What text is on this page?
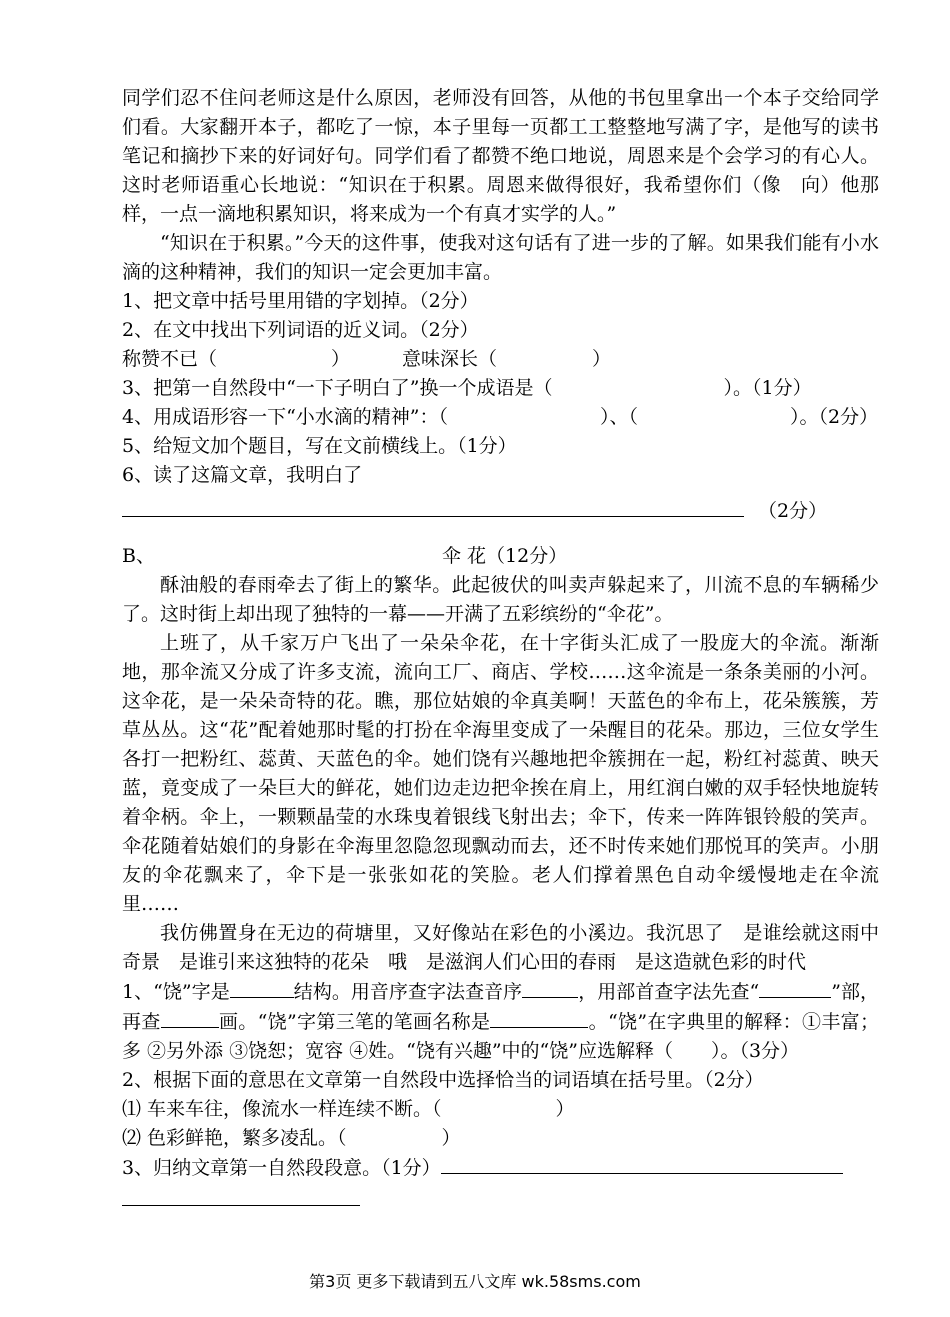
同学们忍不住问老师这是什么原因，老师没有回答，从他的书包里拿出一个本子交给同学们看。大家翻开本子，都吃了一惊，本子里每一页都工工整整地写满了字，是他写的读书笔记和摘抄下来的好词好句。同学们看了都赞不绝口地说，周恩来是个会学习的有心人。这时老师语重心长地说：“知识在于积累。周恩来做得很好，我希望你们（像　向）他那样，一点一滴地积累知识，将来成为一个有真才实学的人。”

“知识在于积累。”今天的这件事，使我对这句话有了进一步的了解。如果我们能有小水滴的这种精神，我们的知识一定会更加丰富。

1、把文章中括号里用错的字划掉。（2分）

2、在文中找出下列词语的近义词。（2分）

称赞不已 （　　　　　　）	意味深长 （　　　　　）

3、把第一自然段中“一下子明白了”换一个成语是（　　　　　　　　　）。（1分）

4、用成语形容一下“小水滴的精神”：（　　　　　　　　）、（　　　　　　　　）。（2分）

5、给短文加个题目，写在文前横线上。（1分）

6、读了这篇文章，我明白了

（2分）
B、	伞 花（12分）

酥油般的春雨牵去了街上的繁华。此起彼伏的叫卖声躲起来了，川流不息的车辆稀少了。这时街上却出现了独特的一幕——开满了五彩缤纷的“伞花”。

上班了，从千家万户飞出了一朵朵伞花，在十字街头汇成了一股庞大的伞流。渐渐地，那伞流又分成了许多支流，流向工厂、商店、学校……这伞流是一条条美丽的小河。这伞花，是一朵朵奇特的花。瞧，那位姑娘的伞真美啊！天蓝色的伞布上，花朵簇簇，芳草丛丛。这“花”配着她那时髦的打扮在伞海里变成了一朵醒目的花朵。那边，三位女学生各打一把粉红、蕊黄、天蓝色的伞。她们饶有兴趣地把伞簇拥在一起，粉红衬蕊黄、映天蓝，竟变成了一朵巨大的鲜花，她们边走边把伞挨在肩上，用红润白嫩的双手轻快地旋转着伞柄。伞上，一颗颗晶莹的水珠曳着银线飞射出去；伞下，传来一阵阵银铃般的笑声。伞花随着姑娘们的身影在伞海里忽隐忽现飘动而去，还不时传来她们那悦耳的笑声。小朋友的伞花飘来了，伞下是一张张如花的笑脸。老人们撑着黑色自动伞缓慢地走在伞流里……

我仿佛置身在无边的荷塘里，又好像站在彩色的小溪边。我沉思了　是谁绘就这雨中奇景　是谁引来这独特的花朵　哦　是滋润人们心田的春雨　是这造就色彩的时代

1、“饶”字是	结构。用音序查字法查音序	，用部首查字法先查“	”部，再查	画。“饶”字第三笔的笔画名称是	。“饶”在字典里的解释：①丰富；多 ②另外添 ③饶恕；宽容 ④姓。“饶有兴趣”中的“饶”应选解释（　　）。（3分）

2、根据下面的意思在文章第一自然段中选择恰当的词语填在括号里。（2分）

⑴ 车来车往，像流水一样连续不断。（　　　　　　）

⑵ 色彩鲜艳，繁多凌乱。（　　　　　）

3、归纳文章第一自然段段意。（1分）
第3页 更多下载请到五八文库 wk.58sms.com
